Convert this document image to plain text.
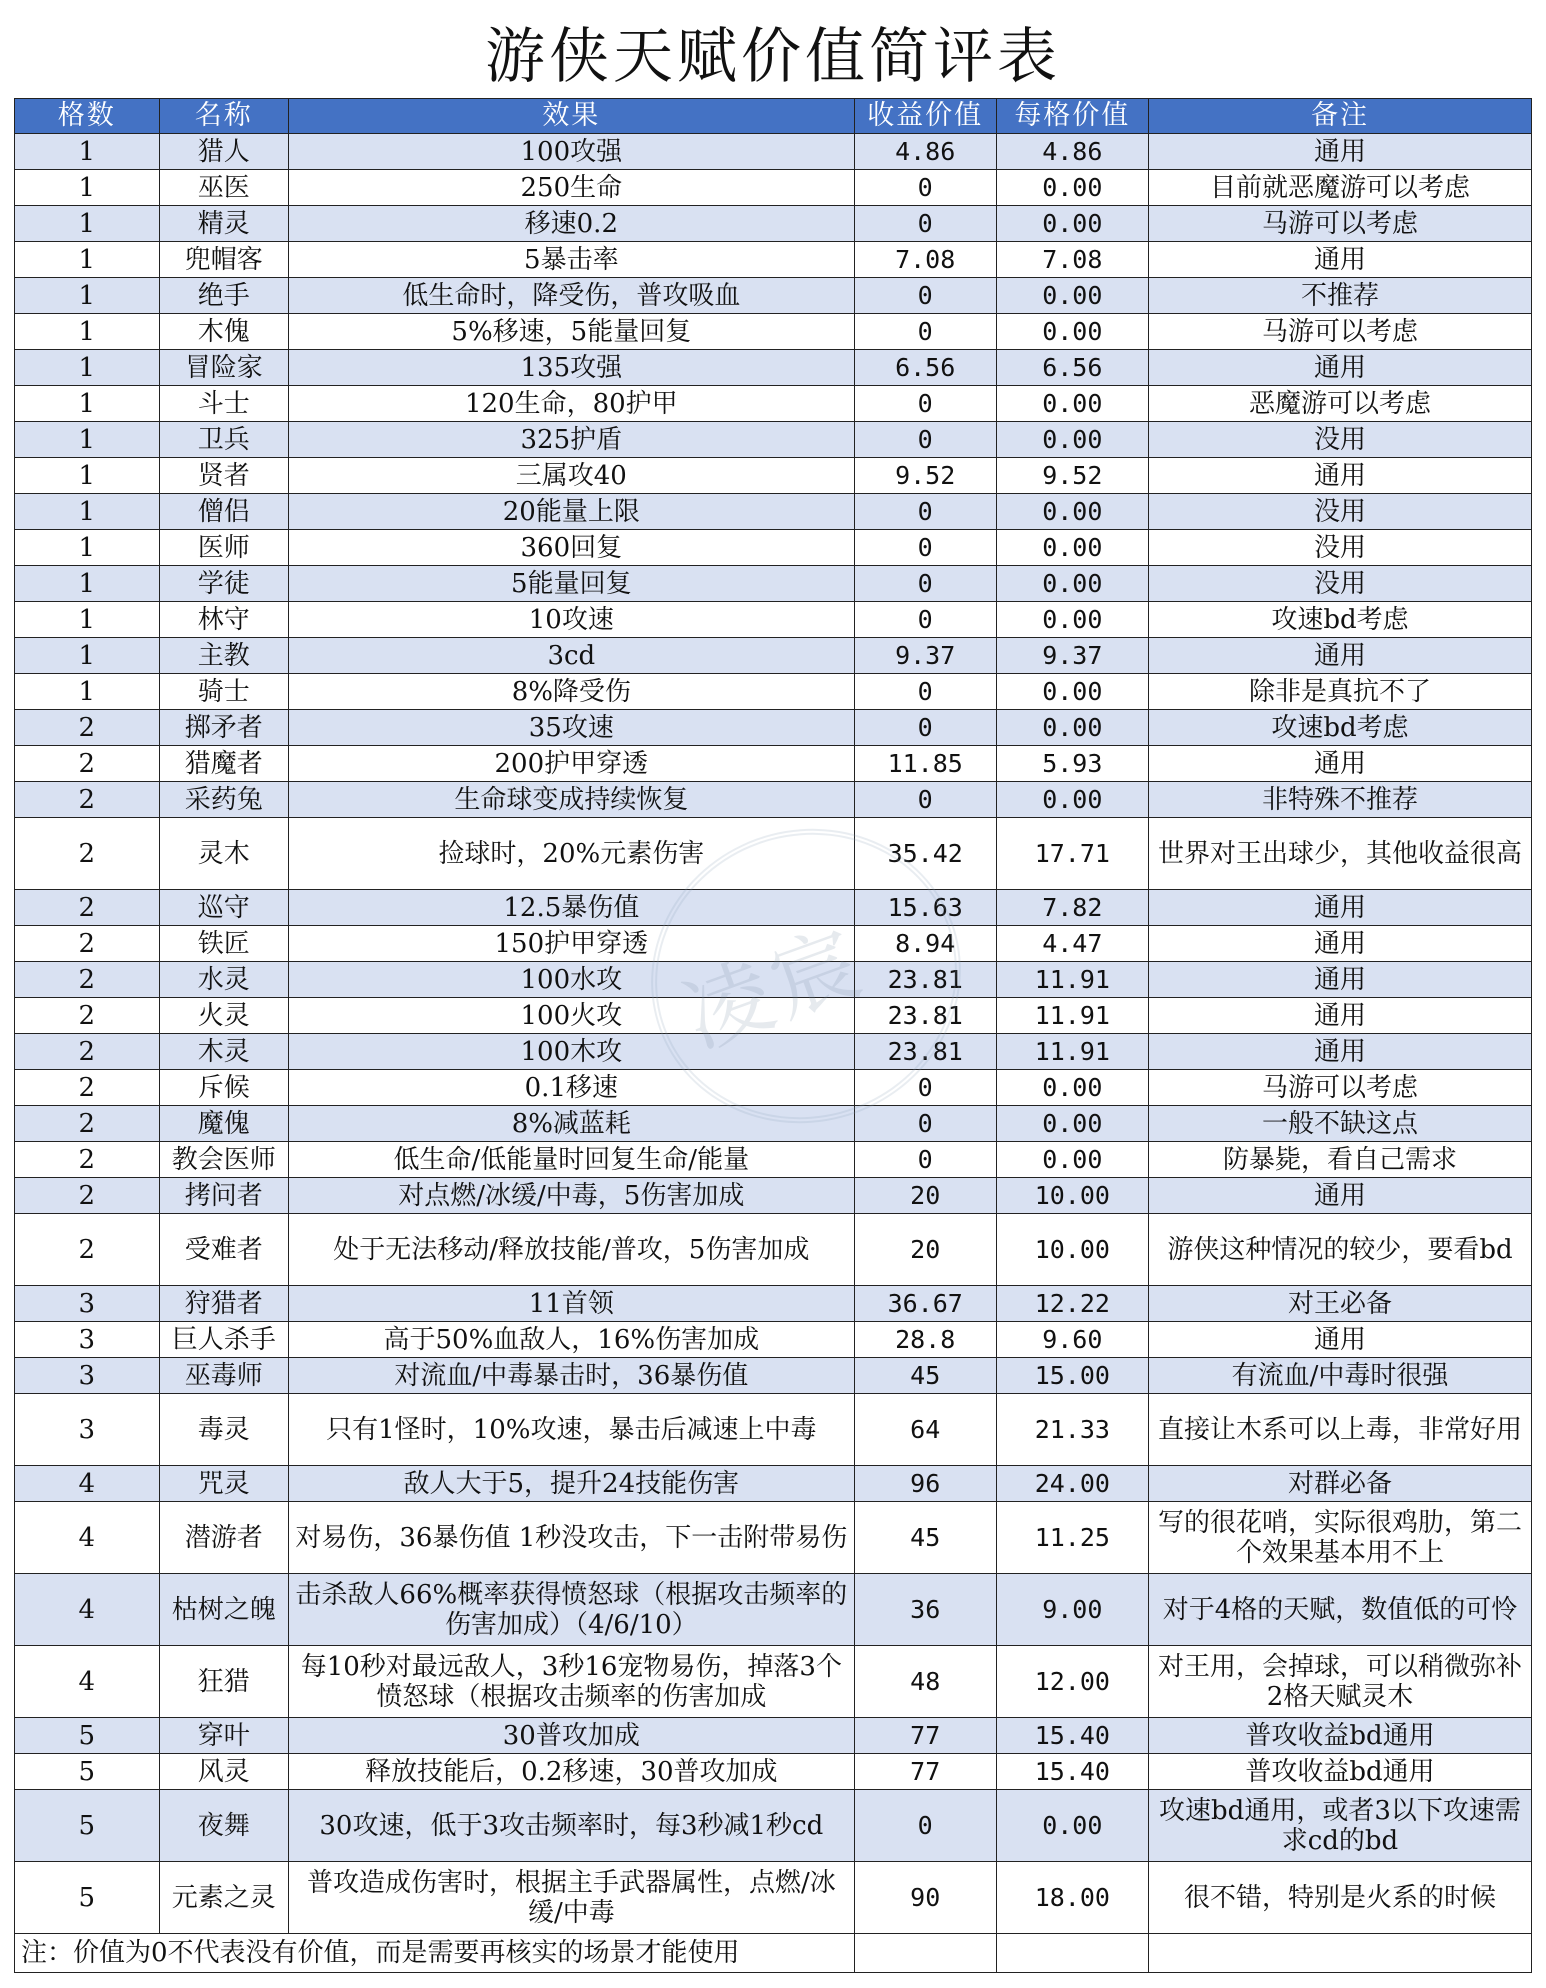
游侠天赋价值简评表
格数	名称	效果	收益价值	每格价值	备注
1	猎人	100攻强	4.86	4.86	通用
1	巫医	250生命	0	0.00	目前就恶魔游可以考虑
1	精灵	移速0.2	0	0.00	马游可以考虑
1	兜帽客	5暴击率	7.08	7.08	通用
1	绝手	低生命时，降受伤，普攻吸血	0	0.00	不推荐
1	木傀	5%移速，5能量回复	0	0.00	马游可以考虑
1	冒险家	135攻强	6.56	6.56	通用
1	斗士	120生命，80护甲	0	0.00	恶魔游可以考虑
1	卫兵	325护盾	0	0.00	没用
1	贤者	三属攻40	9.52	9.52	通用
1	僧侣	20能量上限	0	0.00	没用
1	医师	360回复	0	0.00	没用
1	学徒	5能量回复	0	0.00	没用
1	林守	10攻速	0	0.00	攻速bd考虑
1	主教	3cd	9.37	9.37	通用
1	骑士	8%降受伤	0	0.00	除非是真抗不了
2	掷矛者	35攻速	0	0.00	攻速bd考虑
2	猎魔者	200护甲穿透	11.85	5.93	通用
2	采药兔	生命球变成持续恢复	0	0.00	非特殊不推荐
2	灵木	捡球时，20%元素伤害	35.42	17.71	世界对王出球少，其他收益很高
2	巡守	12.5暴伤值	15.63	7.82	通用
2	铁匠	150护甲穿透	8.94	4.47	通用
2	水灵	100水攻	23.81	11.91	通用
2	火灵	100火攻	23.81	11.91	通用
2	木灵	100木攻	23.81	11.91	通用
2	斥候	0.1移速	0	0.00	马游可以考虑
2	魔傀	8%减蓝耗	0	0.00	一般不缺这点
2	教会医师	低生命/低能量时回复生命/能量	0	0.00	防暴毙，看自己需求
2	拷问者	对点燃/冰缓/中毒，5伤害加成	20	10.00	通用
2	受难者	处于无法移动/释放技能/普攻，5伤害加成	20	10.00	游侠这种情况的较少，要看bd
3	狩猎者	11首领	36.67	12.22	对王必备
3	巨人杀手	高于50%血敌人，16%伤害加成	28.8	9.60	通用
3	巫毒师	对流血/中毒暴击时，36暴伤值	45	15.00	有流血/中毒时很强
3	毒灵	只有1怪时，10%攻速，暴击后减速上中毒	64	21.33	直接让木系可以上毒，非常好用
4	咒灵	敌人大于5，提升24技能伤害	96	24.00	对群必备
4	潜游者	对易伤，36暴伤值 1秒没攻击，下一击附带易伤	45	11.25	写的很花哨，实际很鸡肋，第二个效果基本用不上
4	枯树之魄	击杀敌人66%概率获得愤怒球（根据攻击频率的伤害加成）（4/6/10）	36	9.00	对于4格的天赋，数值低的可怜
4	狂猎	每10秒对最远敌人，3秒16宠物易伤，掉落3个愤怒球（根据攻击频率的伤害加成	48	12.00	对王用，会掉球，可以稍微弥补2格天赋灵木
5	穿叶	30普攻加成	77	15.40	普攻收益bd通用
5	风灵	释放技能后，0.2移速，30普攻加成	77	15.40	普攻收益bd通用
5	夜舞	30攻速，低于3攻击频率时，每3秒减1秒cd	0	0.00	攻速bd通用，或者3以下攻速需求cd的bd
5	元素之灵	普攻造成伤害时，根据主手武器属性，点燃/冰缓/中毒	90	18.00	很不错，特别是火系的时候
注：价值为0不代表没有价值，而是需要再核实的场景才能使用					
